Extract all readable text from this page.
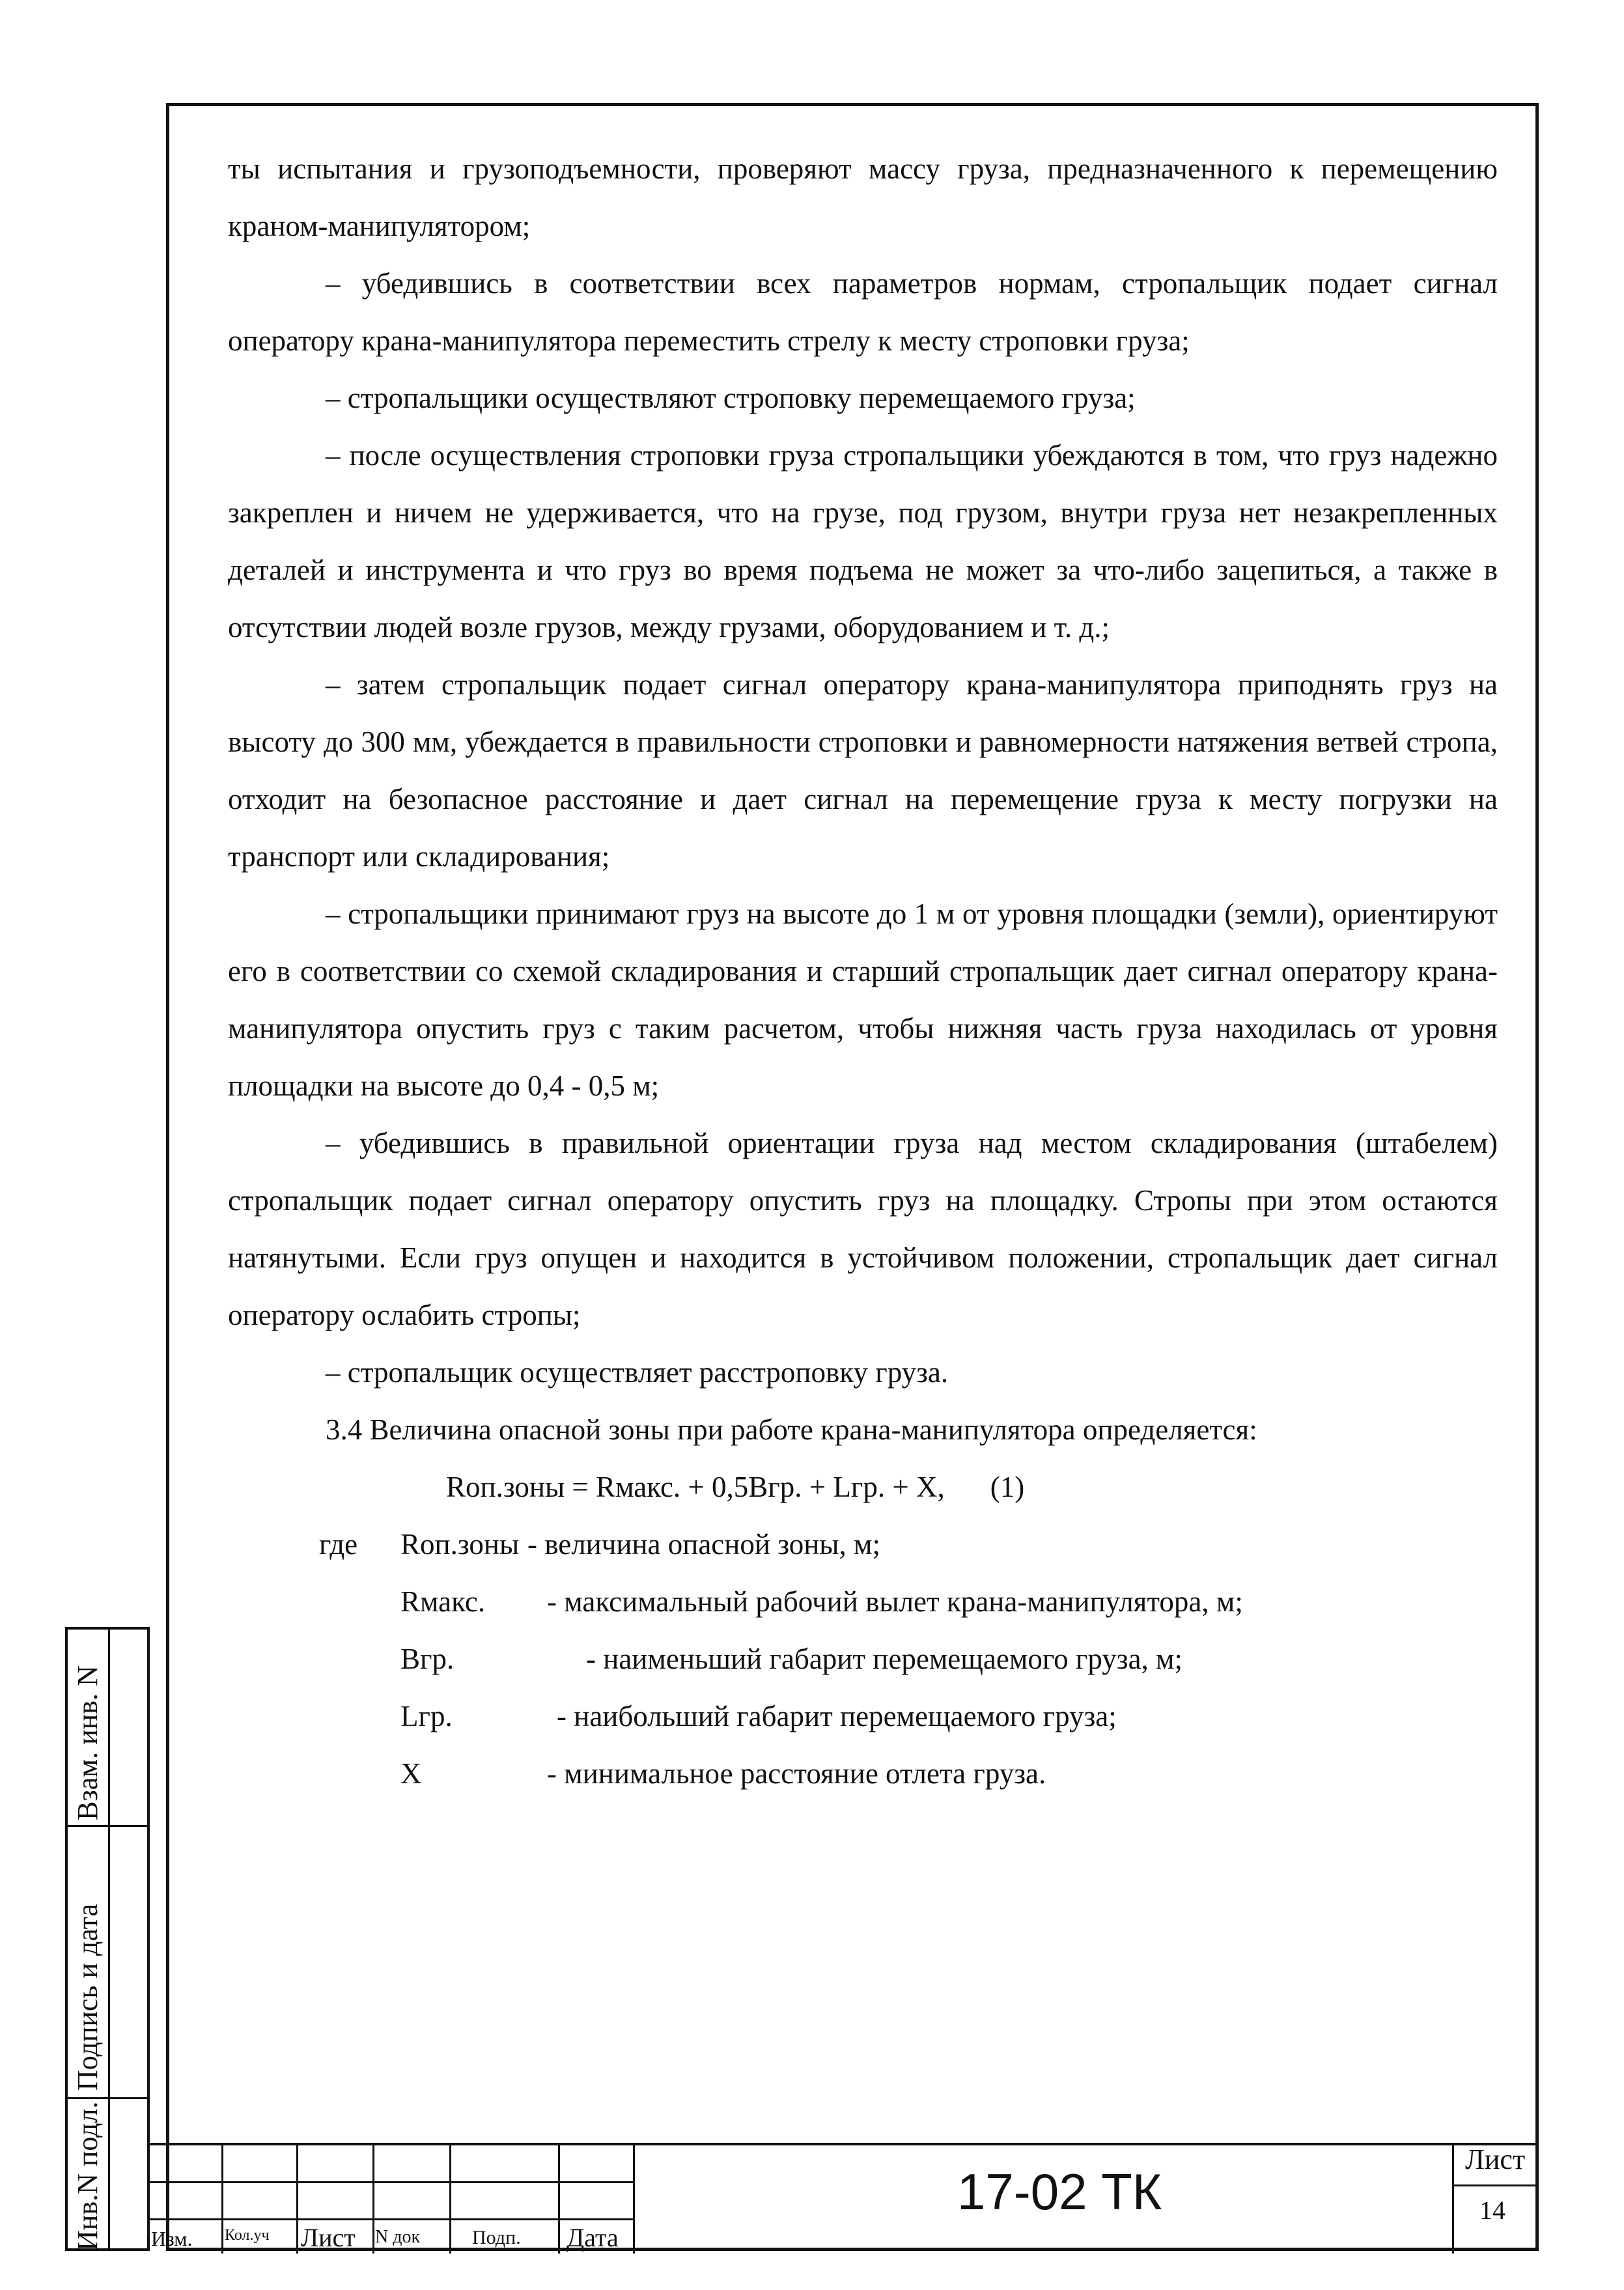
ты испытания и грузоподъемности, проверяют массу груза, предназначенного к перемещению краном-манипулятором;

– убедившись в соответствии всех параметров нормам, стропальщик подает сигнал оператору крана-манипулятора переместить стрелу к месту строповки груза;

– стропальщики осуществляют строповку перемещаемого груза;

– после осуществления строповки груза стропальщики убеждаются в том, что груз надежно закреплен и ничем не удерживается, что на грузе, под грузом, внутри груза нет незакрепленных деталей и инструмента и что груз во время подъема не может за что-либо зацепиться, а также в отсутствии людей возле грузов, между грузами, оборудованием и т. д.;

– затем стропальщик подает сигнал оператору крана-манипулятора приподнять груз на высоту до 300 мм, убеждается в правильности строповки и равномерности натяжения ветвей стропа, отходит на безопасное расстояние и дает сигнал на перемещение груза к месту погрузки на транспорт или складирования;

– стропальщики принимают груз на высоте до 1 м от уровня площадки (земли), ориентируют его в соответствии со схемой складирования и старший стропальщик дает сигнал оператору крана-манипулятора опустить груз с таким расчетом, чтобы нижняя часть груза находилась от уровня площадки на высоте до 0,4 - 0,5 м;

– убедившись в правильной ориентации груза над местом складирования (штабелем) стропальщик подает сигнал оператору опустить груз на площадку. Стропы при этом остаются натянутыми. Если груз опущен и находится в устойчивом положении, стропальщик дает сигнал оператору ослабить стропы;

– стропальщик осуществляет расстроповку груза.

3.4 Величина опасной зоны при работе крана-манипулятора определяется:

Rоп.зоны = Rмакс. + 0,5Bгр. + Lгр. + X, (1)

где Rоп.зоны - величина опасной зоны, м;
Rмакс. - максимальный рабочий вылет крана-манипулятора, м;
Bгр.	- наименьший габарит перемещаемого груза, м;
Lгр.	- наибольший габарит перемещаемого груза;
X	- минимальное расстояние отлета груза.
Взам. инв. N
Подпись и дата
Инв.N подл. Изм. Кол.уч Лист N док	Подп. Дата
17-02 ТК
Лист
14
